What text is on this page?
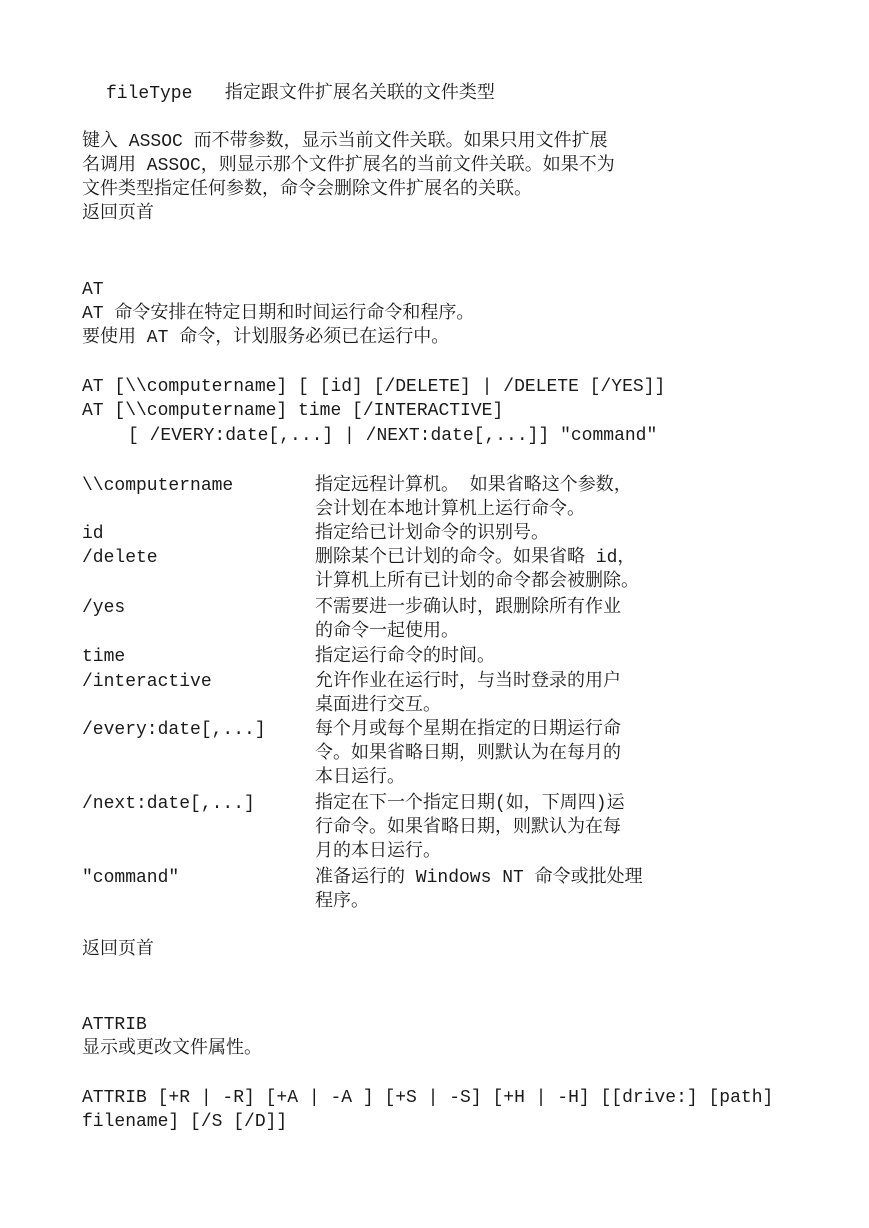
fileType   指定跟文件扩展名关联的文件类型
键入 ASSOC 而不带参数，显示当前文件关联。如果只用文件扩展
名调用 ASSOC，则显示那个文件扩展名的当前文件关联。如果不为
文件类型指定任何参数，命令会删除文件扩展名的关联。
返回页首
AT
AT 命令安排在特定日期和时间运行命令和程序。
要使用 AT 命令，计划服务必须已在运行中。
AT [\\computername] [ [id] [/DELETE] | /DELETE [/YES]]
AT [\\computername] time [/INTERACTIVE]
[ /EVERY:date[,...] | /NEXT:date[,...]] "command"
\\computername	指定远程计算机。 如果省略这个参数，
会计划在本地计算机上运行命令。
id	指定给已计划命令的识别号。
/delete	删除某个已计划的命令。如果省略 id，
计算机上所有已计划的命令都会被删除。
/yes	不需要进一步确认时，跟删除所有作业
的命令一起使用。
time	指定运行命令的时间。
/interactive	允许作业在运行时，与当时登录的用户
桌面进行交互。
/every:date[,...]	每个月或每个星期在指定的日期运行命
令。如果省略日期，则默认为在每月的
本日运行。
/next:date[,...]	指定在下一个指定日期(如，下周四)运
行命令。如果省略日期，则默认为在每
月的本日运行。
"command"	准备运行的 Windows NT 命令或批处理
程序。
返回页首
ATTRIB
显示或更改文件属性。
ATTRIB [+R | -R] [+A | -A ] [+S | -S] [+H | -H] [[drive:] [path]
filename] [/S [/D]]
